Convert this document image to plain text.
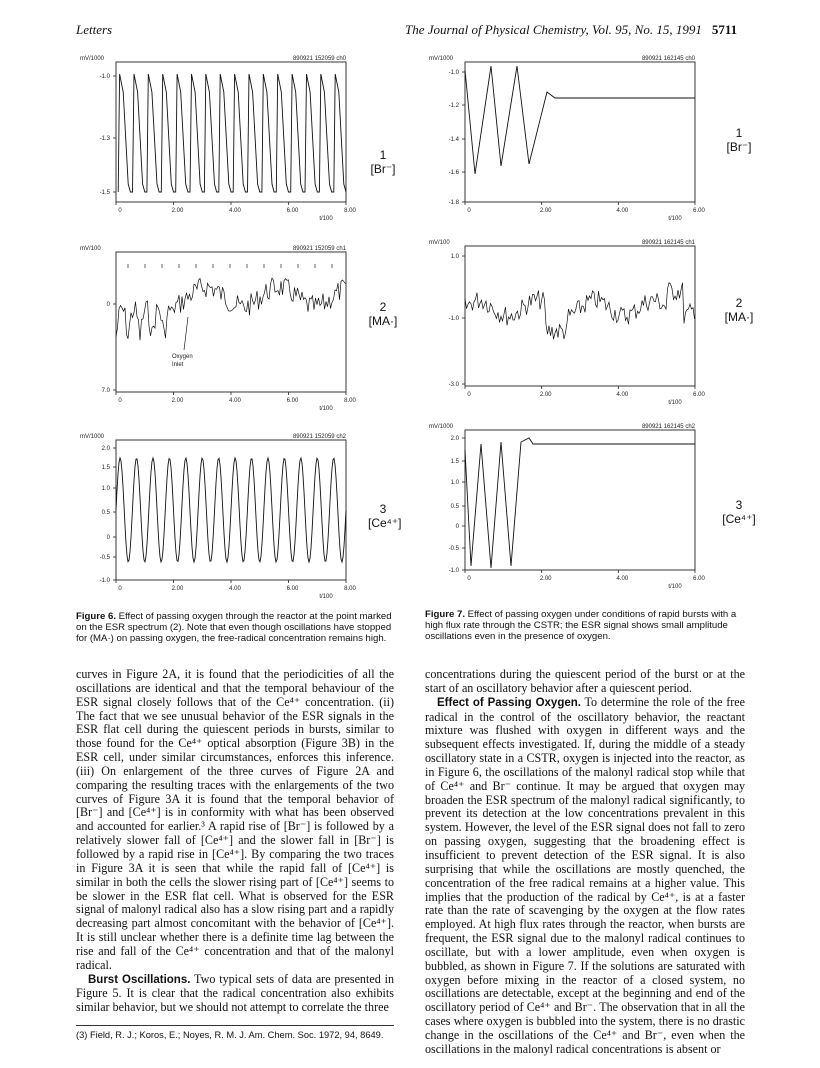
Letters	The Journal of Physical Chemistry, Vol. 95, No. 15, 1991 5711
mV/1000	890921 152059 ch0
-1.0
-1.3
-1.5
0	2.00	4.00	6.00	8.00
t/100
mV/100	890921 152059 ch1
0
7.0
0	2.00	4.00	6.00	8.00
t/100
Oxygen
Inlet
mV/1000	890921 152059 ch2
2.0
1.5
1.0
0.5
0
-0.5
-1.0
0	2.00	4.00	6.00	8.00
t/100
1
[Br⁻]
2
[MA·]
3
[Ce⁴⁺]
Figure 6. Effect of passing oxygen through the reactor at the point marked on the ESR spectrum (2). Note that even though oscillations have stopped for (MA·) on passing oxygen, the free-radical concentration remains high.
mV/1000	890921 162145 ch0
-1.0
-1.2
-1.4
-1.6
-1.8
0	2.00	4.00	6.00
t/100
mV/100	890921 162145 ch1
1.0
-1.0
-3.0
0	2.00	4.00	6.00
t/100
mV/1000	890921 162145 ch2
2.0
1.5
1.0
0.5
0
-0.5
-1.0
0	2.00	4.00	6.00
t/100
1
[Br⁻]
2
[MA·]
3
[Ce⁴⁺]
Figure 7. Effect of passing oxygen under conditions of rapid bursts with a high flux rate through the CSTR; the ESR signal shows small amplitude oscillations even in the presence of oxygen.

curves in Figure 2A, it is found that the periodicities of all the oscillations are identical and that the temporal behaviour of the ESR signal closely follows that of the Ce⁴⁺ concentration. (ii) The fact that we see unusual behavior of the ESR signals in the ESR flat cell during the quiescent periods in bursts, similar to those found for the Ce⁴⁺ optical absorption (Figure 3B) in the ESR cell, under similar circumstances, enforces this inference. (iii) On enlargement of the three curves of Figure 2A and comparing the resulting traces with the enlargements of the two curves of Figure 3A it is found that the temporal behavior of [Br⁻] and [Ce⁴⁺] is in conformity with what has been observed and accounted for earlier.³ A rapid rise of [Br⁻] is followed by a relatively slower fall of [Ce⁴⁺] and the slower fall in [Br⁻] is followed by a rapid rise in [Ce⁴⁺]. By comparing the two traces in Figure 3A it is seen that while the rapid fall of [Ce⁴⁺] is similar in both the cells the slower rising part of [Ce⁴⁺] seems to be slower in the ESR flat cell. What is observed for the ESR signal of malonyl radical also has a slow rising part and a rapidly decreasing part almost concomitant with the behavior of [Ce⁴⁺]. It is still unclear whether there is a definite time lag between the rise and fall of the Ce⁴⁺ concentration and that of the malonyl radical.

Burst Oscillations. Two typical sets of data are presented in Figure 5. It is clear that the radical concentration also exhibits similar behavior, but we should not attempt to correlate the three

(3) Field, R. J.; Koros, E.; Noyes, R. M. J. Am. Chem. Soc. 1972, 94, 8649.

concentrations during the quiescent period of the burst or at the start of an oscillatory behavior after a quiescent period.

Effect of Passing Oxygen. To determine the role of the free radical in the control of the oscillatory behavior, the reactant mixture was flushed with oxygen in different ways and the subsequent effects investigated. If, during the middle of a steady oscillatory state in a CSTR, oxygen is injected into the reactor, as in Figure 6, the oscillations of the malonyl radical stop while that of Ce⁴⁺ and Br⁻ continue. It may be argued that oxygen may broaden the ESR spectrum of the malonyl radical significantly, to prevent its detection at the low concentrations prevalent in this system. However, the level of the ESR signal does not fall to zero on passing oxygen, suggesting that the broadening effect is insufficient to prevent detection of the ESR signal. It is also surprising that while the oscillations are mostly quenched, the concentration of the free radical remains at a higher value. This implies that the production of the radical by Ce⁴⁺, is at a faster rate than the rate of scavenging by the oxygen at the flow rates employed. At high flux rates through the reactor, when bursts are frequent, the ESR signal due to the malonyl radical continues to oscillate, but with a lower amplitude, even when oxygen is bubbled, as shown in Figure 7. If the solutions are saturated with oxygen before mixing in the reactor of a closed system, no oscillations are detectable, except at the beginning and end of the oscillatory period of Ce⁴⁺ and Br⁻. The observation that in all the cases where oxygen is bubbled into the system, there is no drastic change in the oscillations of the Ce⁴⁺ and Br⁻, even when the oscillations in the malonyl radical concentrations is absent or
